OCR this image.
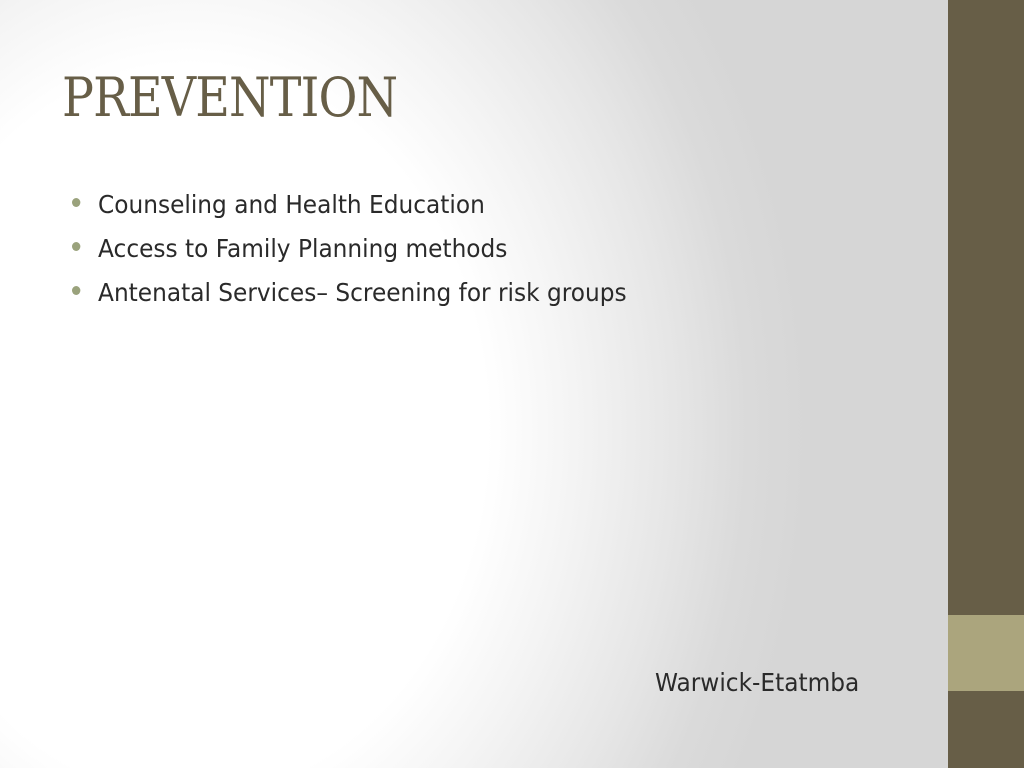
PREVENTION
Counseling and Health Education
Access to Family Planning methods
Antenatal Services– Screening for risk groups
Warwick-Etatmba
